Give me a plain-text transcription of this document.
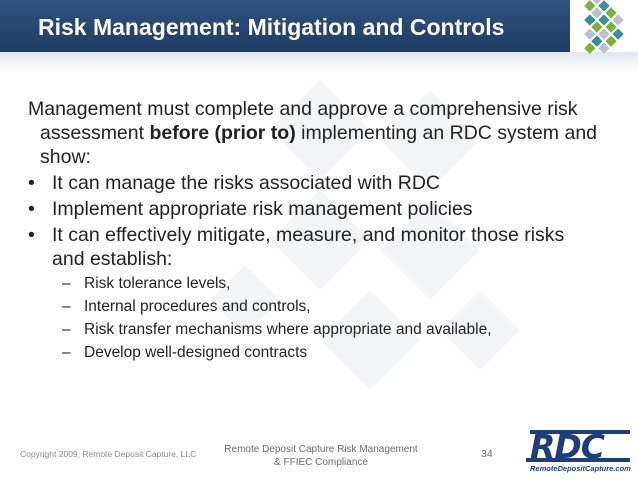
Risk Management: Mitigation and Controls
Management must complete and approve a comprehensive risk assessment before (prior to) implementing an RDC system and show:
• It can manage the risks associated with RDC
• Implement appropriate risk management policies
• It can effectively mitigate, measure, and monitor those risks and establish:
– Risk tolerance levels,
– Internal procedures and controls,
– Risk transfer mechanisms where appropriate and available,
– Develop well-designed contracts
Copyright 2009, Remote Deposit Capture, LLC	Remote Deposit Capture Risk Management
& FFIEC Compliance
34 RDC
RemoteDepositCapture.com
